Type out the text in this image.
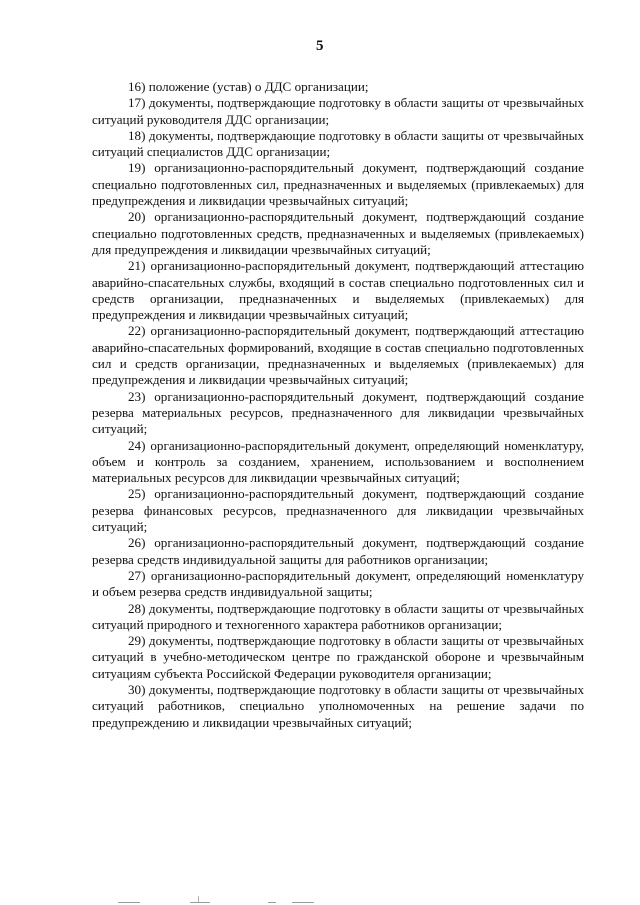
5

16) положение (устав) о ДДС организации;

17) документы, подтверждающие подготовку в области защиты от чрезвычайных ситуаций руководителя ДДС организации;

18) документы, подтверждающие подготовку в области защиты от чрезвычайных ситуаций специалистов ДДС организации;

19) организационно-распорядительный документ, подтверждающий создание специально подготовленных сил, предназначенных и выделяемых (привлекаемых) для предупреждения и ликвидации чрезвычайных ситуаций;

20) организационно-распорядительный документ, подтверждающий создание специально подготовленных средств, предназначенных и выделяемых (привлекаемых) для предупреждения и ликвидации чрезвычайных ситуаций;

21) организационно-распорядительный документ, подтверждающий аттестацию аварийно-спасательных службы, входящий в состав специально подготовленных сил и средств организации, предназначенных и выделяемых (привлекаемых) для предупреждения и ликвидации чрезвычайных ситуаций;

22) организационно-распорядительный документ, подтверждающий аттестацию аварийно-спасательных формирований, входящие в состав специально подготовленных сил и средств организации, предназначенных и выделяемых (привлекаемых) для предупреждения и ликвидации чрезвычайных ситуаций;

23) организационно-распорядительный документ, подтверждающий создание резерва материальных ресурсов, предназначенного для ликвидации чрезвычайных ситуаций;

24) организационно-распорядительный документ, определяющий номенклатуру, объем и контроль за созданием, хранением, использованием и восполнением материальных ресурсов для ликвидации чрезвычайных ситуаций;

25) организационно-распорядительный документ, подтверждающий создание резерва финансовых ресурсов, предназначенного для ликвидации чрезвычайных ситуаций;

26) организационно-распорядительный документ, подтверждающий создание резерва средств индивидуальной защиты для работников организации;

27) организационно-распорядительный документ, определяющий номенклатуру и объем резерва средств индивидуальной защиты;

28) документы, подтверждающие подготовку в области защиты от чрезвычайных ситуаций природного и техногенного характера работников организации;

29) документы, подтверждающие подготовку в области защиты от чрезвычайных ситуаций в учебно-методическом центре по гражданской обороне и чрезвычайным ситуациям субъекта Российской Федерации руководителя организации;

30) документы, подтверждающие подготовку в области защиты от чрезвычайных ситуаций работников, специально уполномоченных на решение задачи по предупреждению и ликвидации чрезвычайных ситуаций;
